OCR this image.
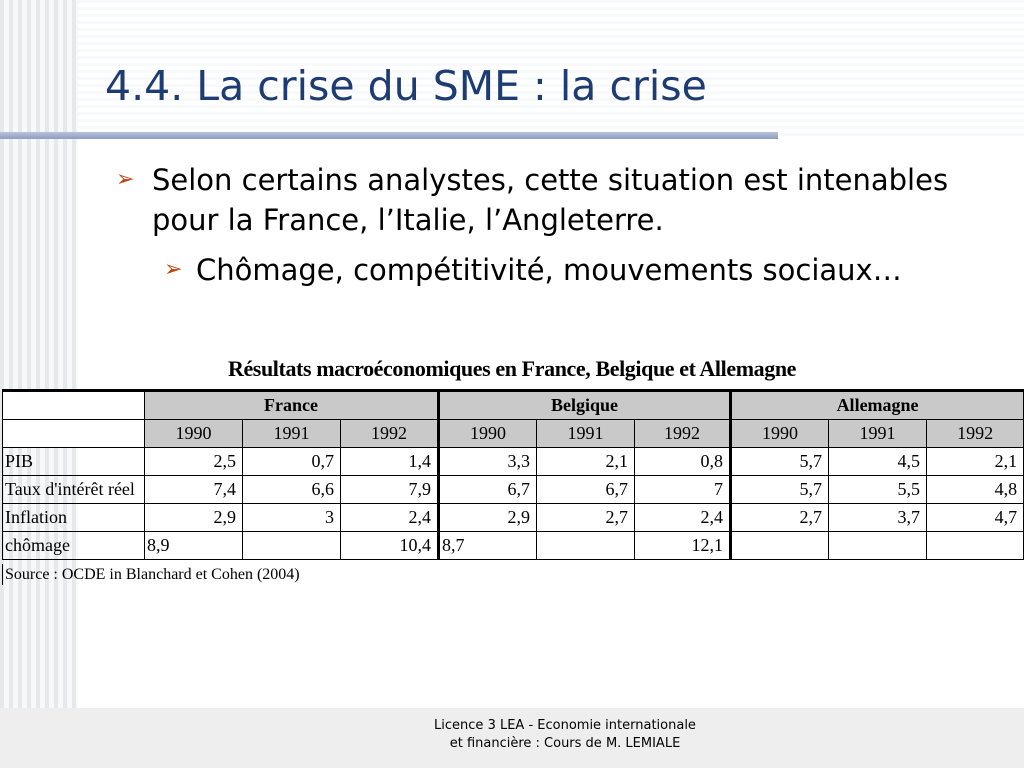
4.4. La crise du SME : la crise
➢ Selon certains analystes, cette situation est intenables pour la France, l’Italie, l’Angleterre.
➢ Chômage, compétitivité, mouvements sociaux…
Résultats macroéconomiques en France, Belgique et Allemagne
	France			Belgique			Allemagne		
	1990	1991	1992	1990	1991	1992	1990	1991	1992
PIB	2,5	0,7	1,4	3,3	2,1	0,8	5,7	4,5	2,1
Taux d'intérêt réel	7,4	6,6	7,9	6,7	6,7	7	5,7	5,5	4,8
Inflation	2,9	3	2,4	2,9	2,7	2,4	2,7	3,7	4,7
chômage	8,9		10,4	8,7		12,1			
Source : OCDE in Blanchard et Cohen (2004)
Licence 3 LEA - Economie internationale
et financière : Cours de M. LEMIALE
